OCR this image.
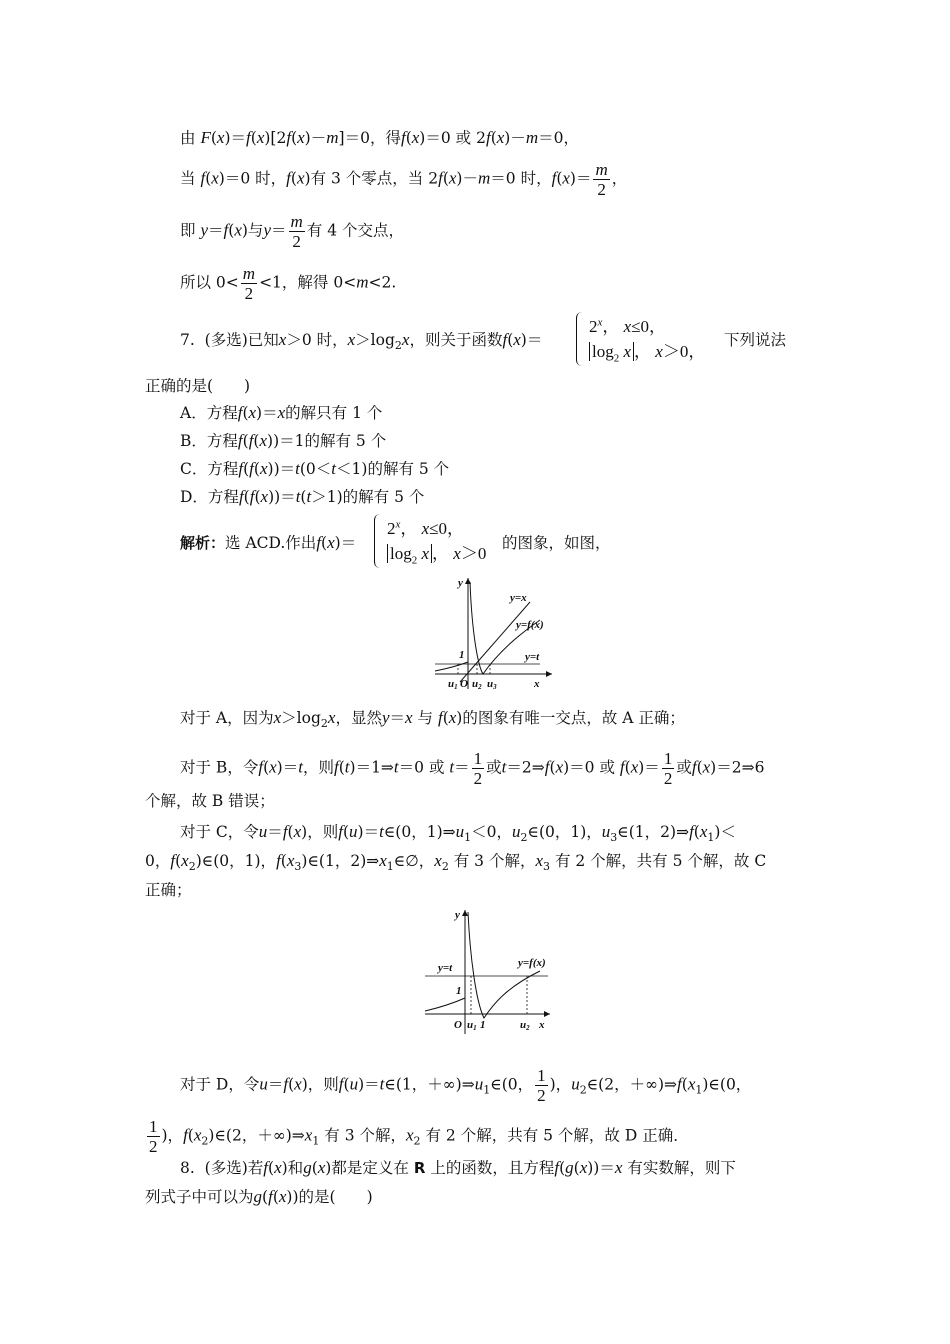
由 F(x)＝f(x)[2f(x)－m]＝0，得f(x)＝0 或 2f(x)－m＝0，
当 f(x)＝0 时，f(x)有 3 个零点，当 2f(x)－m＝0 时，$f(x)= \frac{m}{2}$ ，
即 y＝f(x)与$y= \frac{m}{2}$ 有 4 个交点，
所以 $0< \frac{m}{2} <1$，解得 0<m<2.
7. (多选)已知x＞0 时，$x>\log_2x$，则关于函数f(x)＝
$2^x$， x≤0，
$\log_2 x$ ， x＞0，
下列说法
正确的是(　　)
A．方程f(x)＝x的解只有 1 个
B．方程f(f(x))＝1的解有 5 个
C．方程f(f(x))＝t(0＜t＜1)的解有 5 个
D．方程f(f(x))＝t(t＞1)的解有 5 个
解析：选 ACD.作出f(x)＝
$2^x$， x≤0，
$\log_2 x$ ， x＞0
的图象，如图，
y
y=x
y=f(x)
1	y=t
u1 O u2 u3	x
对于 A，因为$x>\log_2x$，显然y＝x 与 f(x)的图象有唯一交点，故 A 正确；
对于 B，令f(x)＝t，则f(t)＝1⇒t＝0 或 $t= \frac{1}{2}$ 或t＝2⇒f(x)＝0 或 $f(x)= \frac{1}{2}$ 或f(x)＝2⇒6
个解，故 B 错误；
对于 C，令u＝f(x)，则f(u)＝t∈(0，$1)\Rightarrow u_1<0$，$u_2\in(0$，1)，$u_3\in(1$，$2)\Rightarrow f(x_1)<$
0，$f(x_2)\in(0$，1)，$f(x_3)\in(1$，$2)\Rightarrow x_1\in\emptyset$，$x_2$ 有 3 个解，$x_3$ 有 2 个解，共有 5 个解，故 C
正确；
y
y=t	y=f(x)
1
O u1 1	u2 x
对于 D，令u＝f(x)，则f(u)＝t∈(1，$+\infty)\Rightarrow u_1\in(0$， $\frac{1}{2}$ )，$u_2\in(2$，$+\infty)\Rightarrow f(x_1)\in(0$，
$\frac{1}{2}$ )，$f(x_2)\in(2$，$+\infty)\Rightarrow x_1$ 有 3 个解，$x_2$ 有 2 个解，共有 5 个解，故 D 正确．
8. (多选)若f(x)和g(x)都是定义在 R 上的函数，且方程f(g(x))＝x 有实数解，则下
列式子中可以为g(f(x))的是(　　)
